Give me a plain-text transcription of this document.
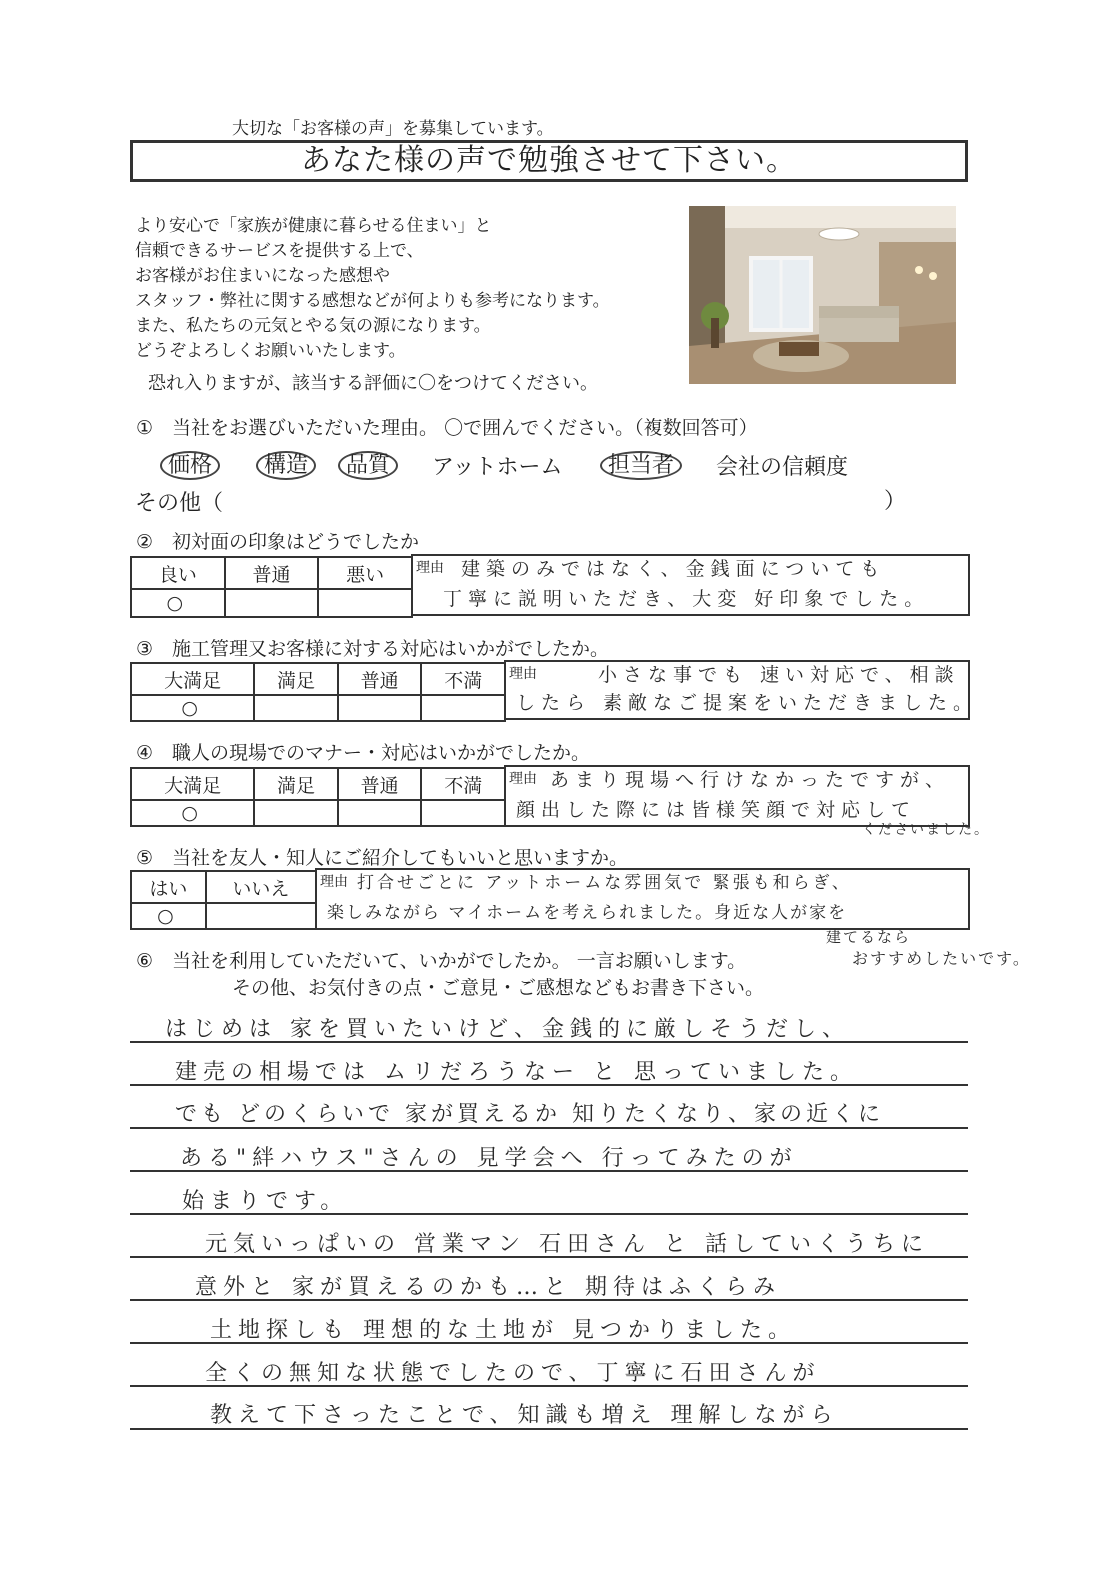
大切な「お客様の声」を募集しています。
あなた様の声で勉強させて下さい。
より安心で「家族が健康に暮らせる住まい」と
信頼できるサービスを提供する上で、
お客様がお住まいになった感想や
スタッフ・弊社に関する感想などが何よりも参考になります。
また、私たちの元気とやる気の源になります。
どうぞよろしくお願いいたします。
恐れ入りますが、該当する評価に〇をつけてください。
①　当社をお選びいただいた理由。 〇で囲んでください。（複数回答可）
価格	構造	品質	アットホーム	担当者	会社の信頼度
その他（	）
②　初対面の印象はどうでしたか
良い	普通	悪い
○		
理由 建築のみではなく、金銭面についても
丁寧に説明いただき、大変 好印象でした。
③　施工管理又お客様に対する対応はいかがでしたか。
大満足	満足	普通	不満
○			
理由	小さな事でも 速い対応で、相談
したら 素敵なご提案をいただきました。
④　職人の現場でのマナー・対応はいかがでしたか。
大満足	満足	普通	不満
○			
理由 あまり現場へ行けなかったですが、
顔出した際には皆様笑顔で対応して
くださいました。
⑤　当社を友人・知人にご紹介してもいいと思いますか。
はい	いいえ
○	
理由 打合せごとに アットホームな雰囲気で 緊張も和らぎ、
楽しみながら マイホームを考えられました。身近な人が家を
建てるなら
おすすめしたいです。
⑥　当社を利用していただいて、いかがでしたか。 一言お願いします。
その他、お気付きの点・ご意見・ご感想などもお書き下さい。
はじめは 家を買いたいけど、金銭的に厳しそうだし、
建売の相場では ムリだろうなー と 思っていました。
でも どのくらいで 家が買えるか 知りたくなり、家の近くに
ある"絆ハウス"さんの 見学会へ 行ってみたのが
始まりです。
元気いっぱいの 営業マン 石田さん と 話していくうちに
意外と 家が買えるのかも…と 期待はふくらみ
土地探しも 理想的な土地が 見つかりました。
全くの無知な状態でしたので、丁寧に石田さんが
教えて下さったことで、知識も増え 理解しながら
